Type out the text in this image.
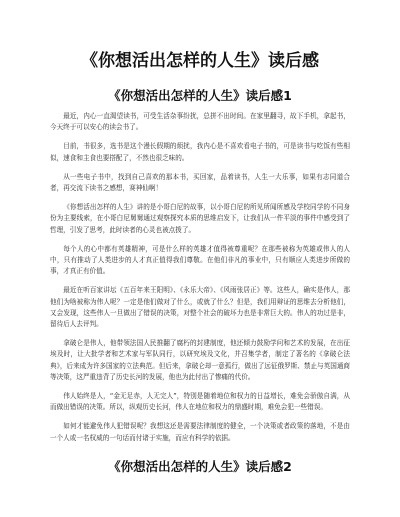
《你想活出怎样的人生》读后感
《你想活出怎样的人生》读后感1

最近，内心一直渴望读书，可受生活杂事纷扰，总拼不出时间。在家里翻寻，故下手机，拿起书，今天终于可以安心的读会书了。

目前，书很多，选书是这个漫长假期的烦扰，我内心是不喜欢看电子书的，可是读书与吃饭有些相似，速食和主食也要搭配了，不然也很乏味的。

从一些电子书中，找到自己喜欢的那本书，买回家，品着读书，人生一大乐事，如果有志同道合者，再交流下读书之感想，赛神仙啊！

《你想活出怎样的人生》讲的是小哥白尼的故事，以小哥白尼的所见所闻所感及学校同学的不同身份为主要线索，在小哥白尼舅舅通过观察探究本质的思维启发下，让我们从一件平淡的事件中感受到了哲理，引发了思考，此时读者的心灵也被点拨了。

每个人的心中都有英雄精神，可是什么样的英雄才值得被尊重呢？在那些被称为英雄或伟人的人中，只有推动了人类进步的人才真正值得我们尊敬。在他们非凡的事业中，只有顺应人类进步所做的事，才真正有价值。

最近在听百家讲坛《五百年来王阳明》、《永乐大帝》、《风雨张居正》等。这些人，确实是伟人，那他们为啥被称为伟人呢？一定是他们做对了什么，或就了什么？但是，我们用辩证的思维去分析他们，又会发现，这些伟人一旦做出了错误的决策，对整个社会的破坏力也是非常巨大的。伟人的功过是非，留待后人去评判。

拿破仑是伟人，他带领法国人民推翻了腐朽的封建制度，他还倾力鼓励学问和艺术的发展，在出征埃及时，让大批学者和艺术家与军队同行，以研究埃及文化，并召集学者，制定了著名的《拿破仑法典》，后来成为许多国家的立法典范。但后来，拿破仑却一意孤行，做出了远征俄罗斯、禁止与英国通商等决策，这严重违背了历史长河的发展，他也为此付出了惨痛的代价。

伟人始终是人，“金无足赤，人无完人”，特别是随着地位和权力的日益增长，难免会骄傲自满，从而做出错误的决策。所以，纵观历史长河，伟人在地位和权力的鼎盛时期，难免会犯一些错误。

如何才能避免伟人犯错误呢？我想这还是需要法律制度的健全，一个决策或者政策的落地，不是由一个人或一名权威的一句话而付诸于实施，而应有科学的依据。

《你想活出怎样的人生》读后感2
